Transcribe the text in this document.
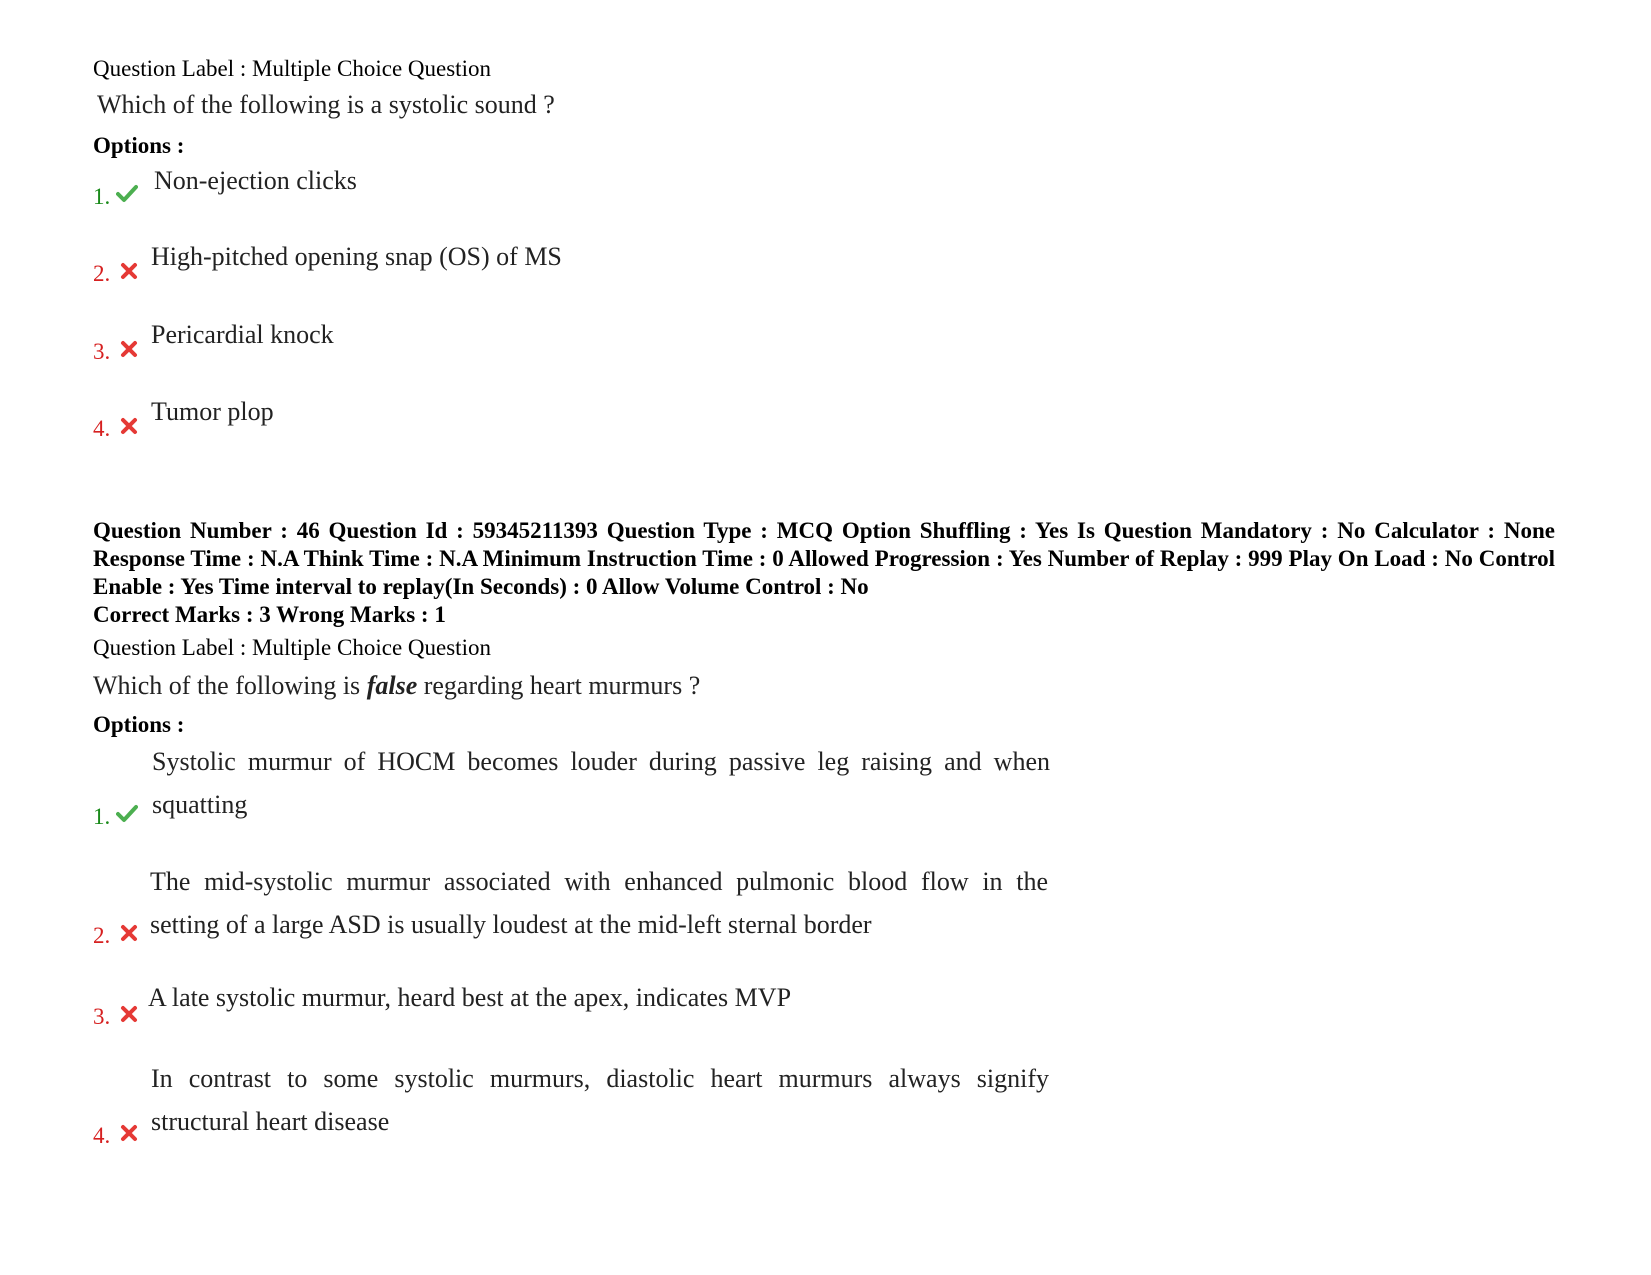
Question Label : Multiple Choice Question
Which of the following is a systolic sound ?
Options :
1.
Non-ejection clicks
2.
High-pitched opening snap (OS) of MS
3.
Pericardial knock
4.
Tumor plop
Question Number : 46 Question Id : 59345211393 Question Type : MCQ Option Shuffling : Yes Is Question Mandatory : No Calculator : None Response Time : N.A Think Time : N.A Minimum Instruction Time : 0 Allowed Progression : Yes Number of Replay : 999 Play On Load : No Control Enable : Yes Time interval to replay(In Seconds) : 0 Allow Volume Control : No
Correct Marks : 3 Wrong Marks : 1
Question Label : Multiple Choice Question
Which of the following is false regarding heart murmurs ?
Options :
1.
Systolic murmur of HOCM becomes louder during passive leg raising and when squatting
2.
The mid-systolic murmur associated with enhanced pulmonic blood flow in the setting of a large ASD is usually loudest at the mid-left sternal border
3.
A late systolic murmur, heard best at the apex, indicates MVP
4.
In contrast to some systolic murmurs, diastolic heart murmurs always signify structural heart disease
